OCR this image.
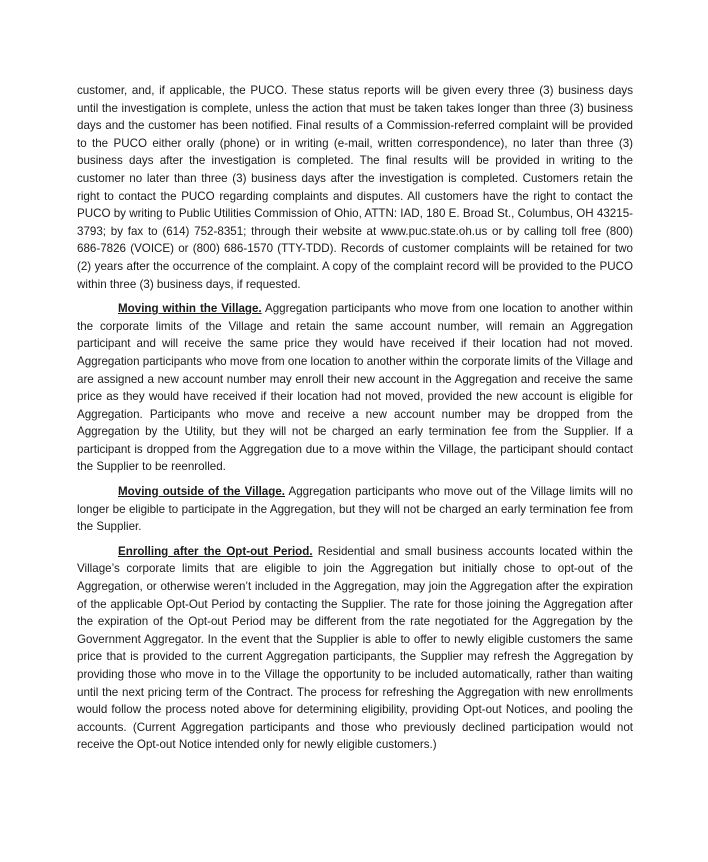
customer, and, if applicable, the PUCO. These status reports will be given every three (3) business days until the investigation is complete, unless the action that must be taken takes longer than three (3) business days and the customer has been notified. Final results of a Commission-referred complaint will be provided to the PUCO either orally (phone) or in writing (e-mail, written correspondence), no later than three (3) business days after the investigation is completed. The final results will be provided in writing to the customer no later than three (3) business days after the investigation is completed. Customers retain the right to contact the PUCO regarding complaints and disputes. All customers have the right to contact the PUCO by writing to Public Utilities Commission of Ohio, ATTN: IAD, 180 E. Broad St., Columbus, OH 43215-3793; by fax to (614) 752-8351; through their website at www.puc.state.oh.us or by calling toll free (800) 686-7826 (VOICE) or (800) 686-1570 (TTY-TDD). Records of customer complaints will be retained for two (2) years after the occurrence of the complaint. A copy of the complaint record will be provided to the PUCO within three (3) business days, if requested.

Moving within the Village. Aggregation participants who move from one location to another within the corporate limits of the Village and retain the same account number, will remain an Aggregation participant and will receive the same price they would have received if their location had not moved. Aggregation participants who move from one location to another within the corporate limits of the Village and are assigned a new account number may enroll their new account in the Aggregation and receive the same price as they would have received if their location had not moved, provided the new account is eligible for Aggregation. Participants who move and receive a new account number may be dropped from the Aggregation by the Utility, but they will not be charged an early termination fee from the Supplier. If a participant is dropped from the Aggregation due to a move within the Village, the participant should contact the Supplier to be reenrolled.

Moving outside of the Village. Aggregation participants who move out of the Village limits will no longer be eligible to participate in the Aggregation, but they will not be charged an early termination fee from the Supplier.

Enrolling after the Opt-out Period. Residential and small business accounts located within the Village’s corporate limits that are eligible to join the Aggregation but initially chose to opt-out of the Aggregation, or otherwise weren’t included in the Aggregation, may join the Aggregation after the expiration of the applicable Opt-Out Period by contacting the Supplier. The rate for those joining the Aggregation after the expiration of the Opt-out Period may be different from the rate negotiated for the Aggregation by the Government Aggregator. In the event that the Supplier is able to offer to newly eligible customers the same price that is provided to the current Aggregation participants, the Supplier may refresh the Aggregation by providing those who move in to the Village the opportunity to be included automatically, rather than waiting until the next pricing term of the Contract. The process for refreshing the Aggregation with new enrollments would follow the process noted above for determining eligibility, providing Opt-out Notices, and pooling the accounts. (Current Aggregation participants and those who previously declined participation would not receive the Opt-out Notice intended only for newly eligible customers.)
